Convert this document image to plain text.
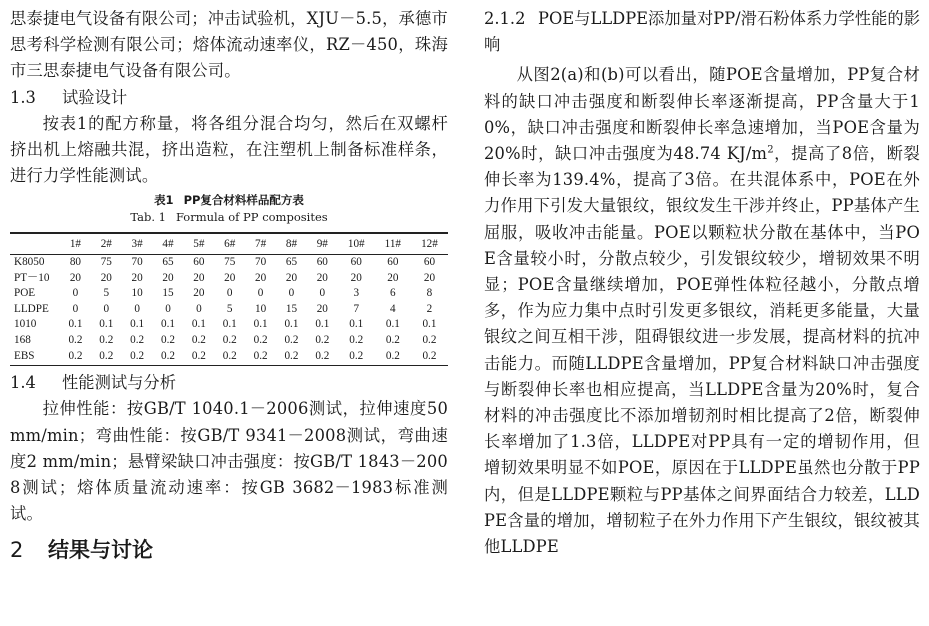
思泰捷电气设备有限公司；冲击试验机，XJU－5.5，承德市思考科学检测有限公司；熔体流动速率仪，RZ－450，珠海市三思泰捷电气设备有限公司。

1.3 试验设计

按表1的配方称量，将各组分混合均匀，然后在双螺杆挤出机上熔融共混，挤出造粒，在注塑机上制备标准样条，进行力学性能测试。

表1 PP复合材料样品配方表
Tab. 1 Formula of PP composites
	1#	2#	3#	4#	5#	6#	7#	8#	9#	10#	11#	12#
K8050	80	75	70	65	60	75	70	65	60	60	60	60
PT－10	20	20	20	20	20	20	20	20	20	20	20	20
POE	0	5	10	15	20	0	0	0	0	3	6	8
LLDPE	0	0	0	0	0	5	10	15	20	7	4	2
1010	0.1	0.1	0.1	0.1	0.1	0.1	0.1	0.1	0.1	0.1	0.1	0.1
168	0.2	0.2	0.2	0.2	0.2	0.2	0.2	0.2	0.2	0.2	0.2	0.2
EBS	0.2	0.2	0.2	0.2	0.2	0.2	0.2	0.2	0.2	0.2	0.2	0.2
1.4 性能测试与分析

拉伸性能：按GB/T 1040.1－2006测试，拉伸速度50 mm/min；弯曲性能：按GB/T 9341－2008测试，弯曲速度2 mm/min；悬臂梁缺口冲击强度：按GB/T 1843－2008测试；熔体质量流动速率：按GB 3682－1983标准测试。

2 结果与讨论
2.1.2 POE与LLDPE添加量对PP/滑石粉体系力学性能的影响

从图2(a)和(b)可以看出，随POE含量增加，PP复合材料的缺口冲击强度和断裂伸长率逐渐提高，PP含量大于10%，缺口冲击强度和断裂伸长率急速增加，当POE含量为20%时，缺口冲击强度为48.74 $KJ/m^2$，提高了8倍，断裂伸长率为139.4%，提高了3倍。在共混体系中，POE在外力作用下引发大量银纹，银纹发生干涉并终止，PP基体产生屈服，吸收冲击能量。POE以颗粒状分散在基体中，当POE含量较小时，分散点较少，引发银纹较少，增韧效果不明显；POE含量继续增加，POE弹性体粒径越小，分散点增多，作为应力集中点时引发更多银纹，消耗更多能量，大量银纹之间互相干涉，阻碍银纹进一步发展，提高材料的抗冲击能力。而随LLDPE含量增加，PP复合材料缺口冲击强度与断裂伸长率也相应提高，当LLDPE含量为20%时，复合材料的冲击强度比不添加增韧剂时相比提高了2倍，断裂伸长率增加了1.3倍，LLDPE对PP具有一定的增韧作用，但增韧效果明显不如POE，原因在于LLDPE虽然也分散于PP内，但是LLDPE颗粒与PP基体之间界面结合力较差，LLDPE含量的增加，增韧粒子在外力作用下产生银纹，银纹被其他LLDPE
